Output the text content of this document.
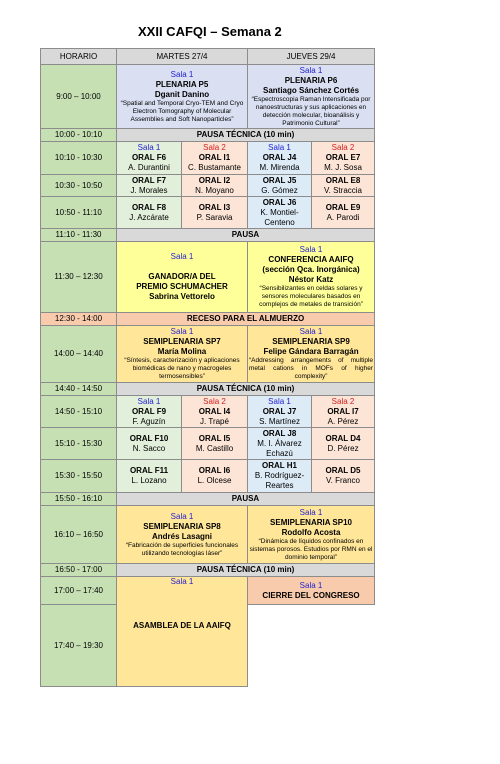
XXII CAFQI – Semana 2
HORARIO	MARTES 27/4		JUEVES 29/4	
9:00 – 10:00	Sala 1
PLENARIA P5
Dganit Danino
“Spatial and Temporal Cryo-TEM and Cryo Electron Tomography of Molecular Assemblies and Soft Nanoparticles”		Sala 1
PLENARIA P6
Santiago Sánchez Cortés
“Espectroscopia Raman Intensificada por nanoestructuras y sus aplicaciones en detección molecular, bioanálisis y Patrimonio Cultural”	

10:00 - 10:10	PAUSA TÉCNICA (10 min)			
10:10 - 10:30	Sala 1
ORAL F6
A. Durantini	Sala 2
ORAL I1
C. Bustamante	Sala 1
ORAL J4
M. Mirenda	Sala 2
ORAL E7
M. J. Sosa

10:30 - 10:50	ORAL F7
J. Morales	ORAL I2
N. Moyano	ORAL J5
G. Gómez	ORAL E8
V. Straccia

10:50 - 11:10	ORAL F8
J. Azcárate	ORAL I3
P. Saravia	ORAL J6
K. Montiel-Centeno	ORAL E9
A. Parodi

11:10 - 11:30	PAUSA			
11:30 – 12:30	Sala 1
GANADOR/A DEL
PREMIO SCHUMACHER
Sabrina Vettorelo		Sala 1
CONFERENCIA AAIFQ
(sección Qca. Inorgánica)
Néstor Katz
“Sensibilizantes en celdas solares y sensores moleculares basados en complejos de metales de transición”	

12:30 - 14:00	RECESO PARA EL ALMUERZO			
14:00 – 14:40	Sala 1
SEMIPLENARIA SP7
María Molina
“Síntesis, caracterización y aplicaciones biomédicas de nano y macrogeles termosensibles”		Sala 1
SEMIPLENARIA SP9
Felipe Gándara Barragán
“Addressing arrangements of multiple metal cations in MOFs of higher complexity”	

14:40 - 14:50	PAUSA TÉCNICA (10 min)			
14:50 - 15:10	Sala 1
ORAL F9
F. Aguzín	Sala 2
ORAL I4
J. Trapé	Sala 1
ORAL J7
S. Martínez	Sala 2
ORAL I7
A. Pérez

15:10 - 15:30	ORAL F10
N. Sacco	ORAL I5
M. Castillo	ORAL J8
M. I. Álvarez Echazú	ORAL D4
D. Pérez

15:30 - 15:50	ORAL F11
L. Lozano	ORAL I6
L. Olcese	ORAL H1
B. Rodríguez-Reartes	ORAL D5
V. Franco

15:50 - 16:10	PAUSA			
16:10 – 16:50	Sala 1
SEMIPLENARIA SP8
Andrés Lasagni
“Fabricación de superficies funcionales utilizando tecnologías láser”		Sala 1
SEMIPLENARIA SP10
Rodolfo Acosta
“Dinámica de líquidos confinados en sistemas porosos. Estudios por RMN en el dominio temporal”	

16:50 - 17:00	PAUSA TÉCNICA (10 min)			
17:00 – 17:40	Sala 1
ASAMBLEA DE LA AAIFQ		Sala 1
CIERRE DEL CONGRESO	

17:40 – 19:30				
